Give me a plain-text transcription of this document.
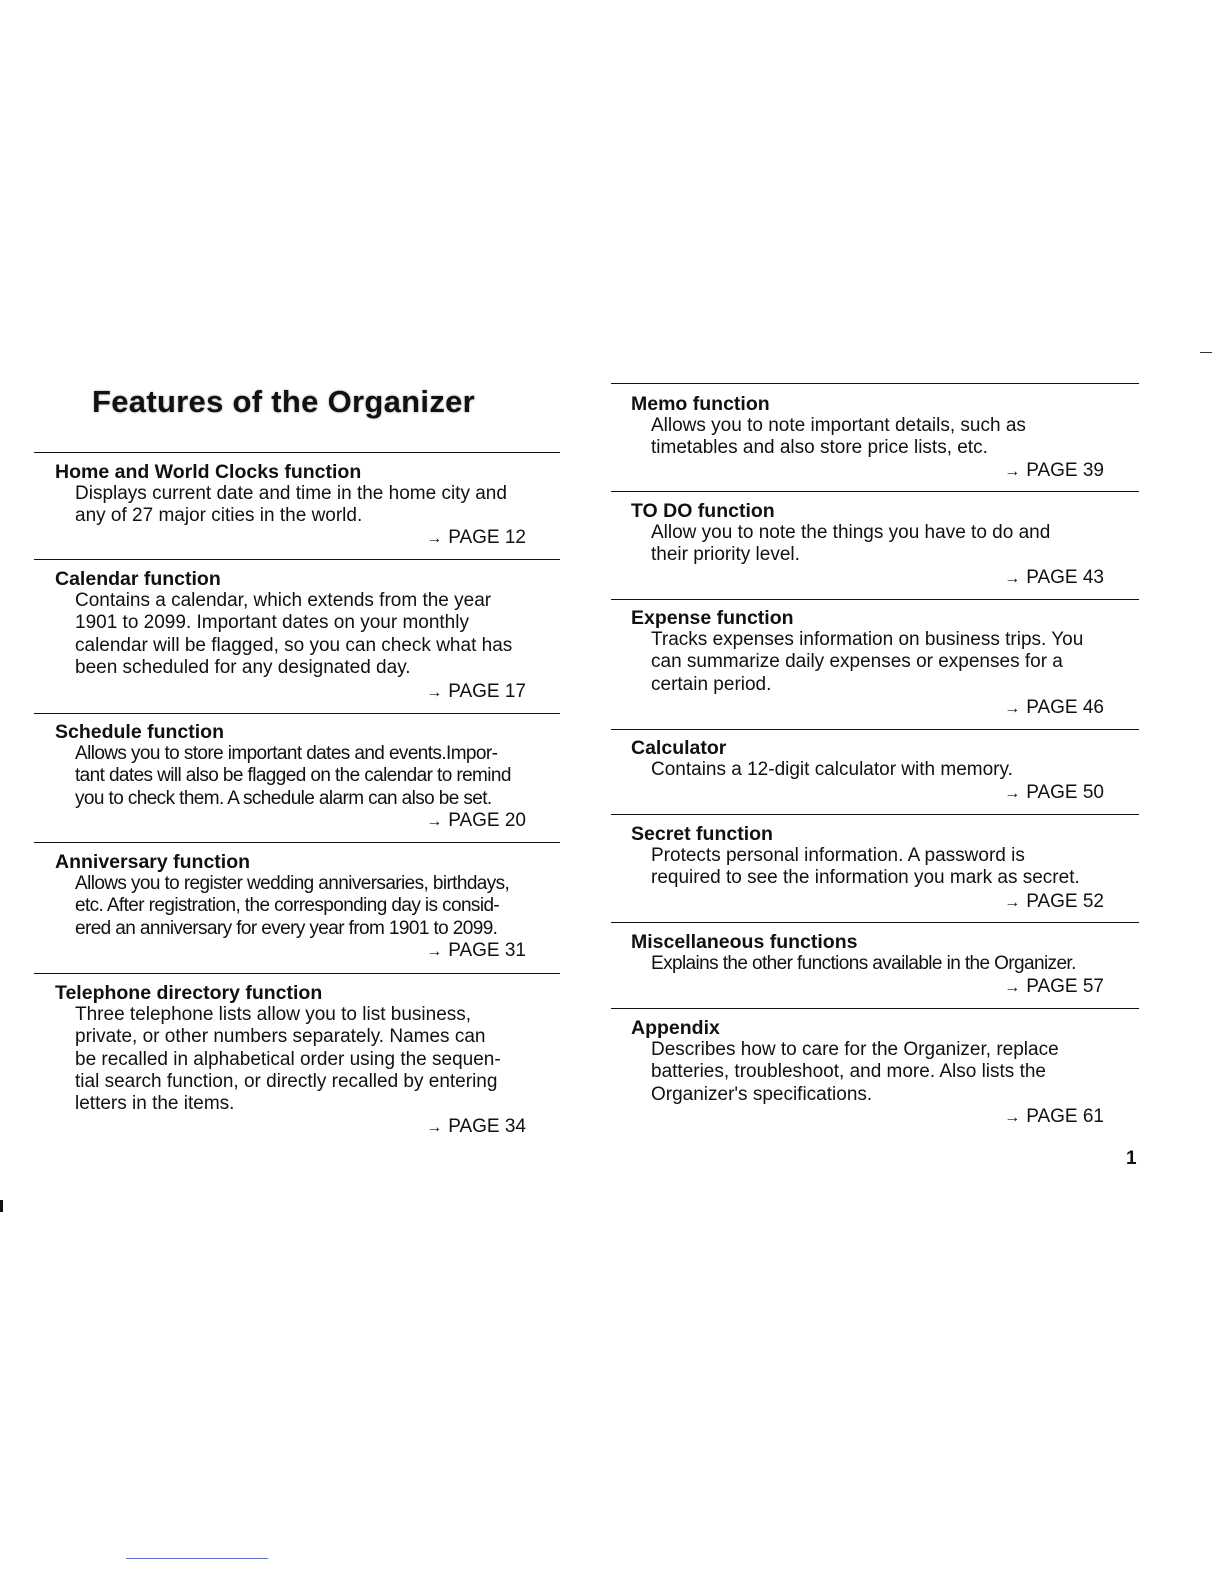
Features of the Organizer
Home and World Clocks function
Displays current date and time in the home city and
any of 27 major cities in the world.
→ PAGE 12
Calendar function
Contains a calendar, which extends from the year
1901 to 2099. Important dates on your monthly
calendar will be flagged, so you can check what has
been scheduled for any designated day.
→ PAGE 17
Schedule function
Allows you to store important dates and events.Impor-
tant dates will also be flagged on the calendar to remind
you to check them. A schedule alarm can also be set.
→ PAGE 20
Anniversary function
Allows you to register wedding anniversaries, birthdays,
etc. After registration, the corresponding day is consid-
ered an anniversary for every year from 1901 to 2099.
→ PAGE 31
Telephone directory function
Three telephone lists allow you to list business,
private, or other numbers separately. Names can
be recalled in alphabetical order using the sequen-
tial search function, or directly recalled by entering
letters in the items.
→ PAGE 34
Memo function
Allows you to note important details, such as
timetables and also store price lists, etc.
→ PAGE 39
TO DO function
Allow you to note the things you have to do and
their priority level.
→ PAGE 43
Expense function
Tracks expenses information on business trips. You
can summarize daily expenses or expenses for a
certain period.
→ PAGE 46
Calculator
Contains a 12-digit calculator with memory.
→ PAGE 50
Secret function
Protects personal information. A password is
required to see the information you mark as secret.
→ PAGE 52
Miscellaneous functions
Explains the other functions available in the Organizer.
→ PAGE 57
Appendix
Describes how to care for the Organizer, replace
batteries, troubleshoot, and more. Also lists the
Organizer's specifications.
→ PAGE 61
1
